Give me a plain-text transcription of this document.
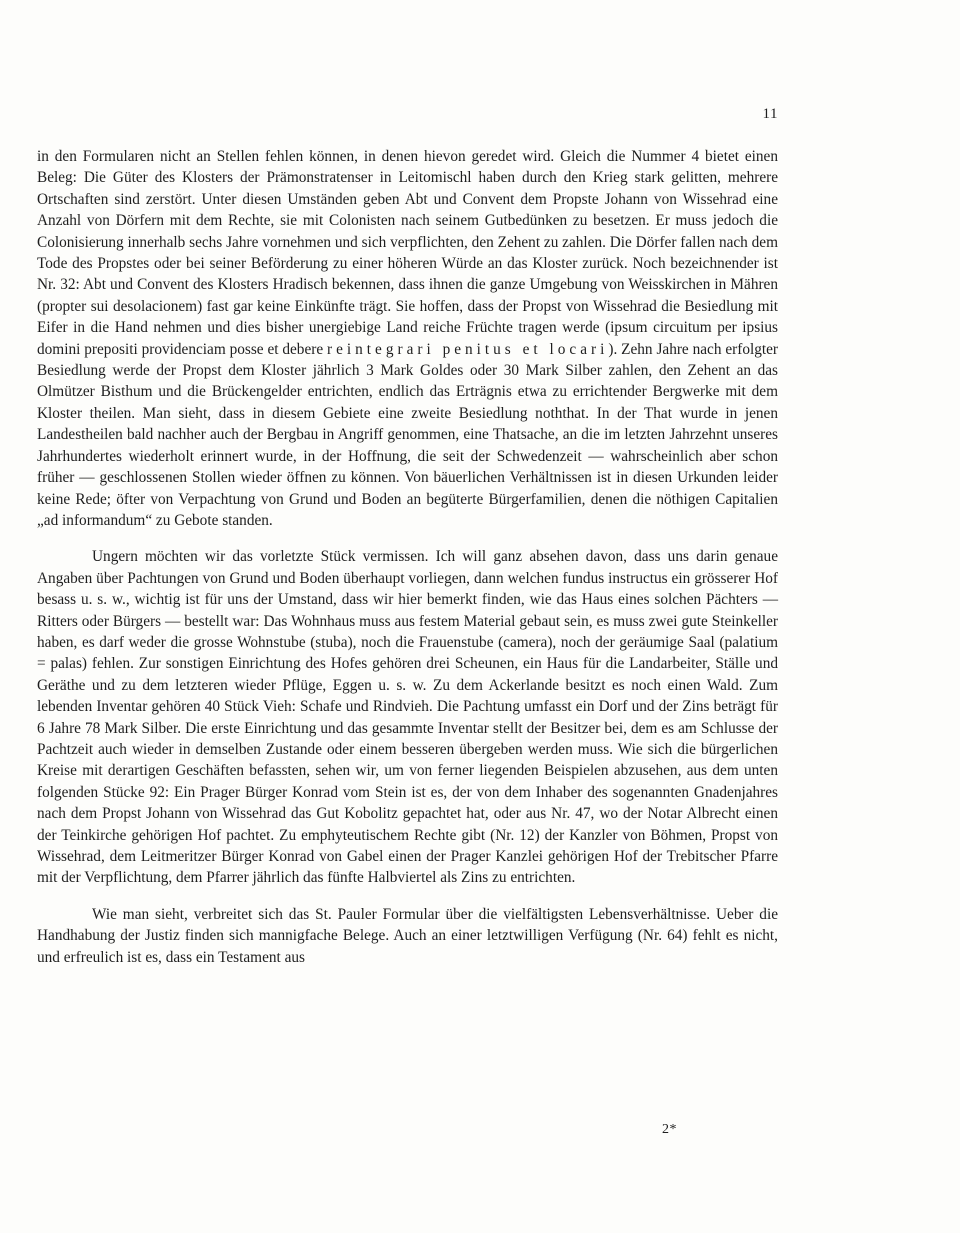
11

in den Formularen nicht an Stellen fehlen können, in denen hievon geredet wird. Gleich die Nummer 4 bietet einen Beleg: Die Güter des Klosters der Prämonstratenser in Leitomischl haben durch den Krieg stark gelitten, mehrere Ortschaften sind zerstört. Unter diesen Umständen geben Abt und Convent dem Propste Johann von Wissehrad eine Anzahl von Dörfern mit dem Rechte, sie mit Colonisten nach seinem Gutbedünken zu besetzen. Er muss jedoch die Colonisierung innerhalb sechs Jahre vornehmen und sich verpflichten, den Zehent zu zahlen. Die Dörfer fallen nach dem Tode des Propstes oder bei seiner Beförderung zu einer höheren Würde an das Kloster zurück. Noch bezeichnender ist Nr. 32: Abt und Convent des Klosters Hradisch bekennen, dass ihnen die ganze Umgebung von Weisskirchen in Mähren (propter sui desolacionem) fast gar keine Einkünfte trägt. Sie hoffen, dass der Propst von Wissehrad die Besiedlung mit Eifer in die Hand nehmen und dies bisher unergiebige Land reiche Früchte tragen werde (ipsum circuitum per ipsius domini prepositi providenciam posse et debere reintegrari penitus et locari). Zehn Jahre nach erfolgter Besiedlung werde der Propst dem Kloster jährlich 3 Mark Goldes oder 30 Mark Silber zahlen, den Zehent an das Olmützer Bisthum und die Brückengelder entrichten, endlich das Erträgnis etwa zu errichtender Bergwerke mit dem Kloster theilen. Man sieht, dass in diesem Gebiete eine zweite Besiedlung noththat. In der That wurde in jenen Landestheilen bald nachher auch der Bergbau in Angriff genommen, eine Thatsache, an die im letzten Jahrzehnt unseres Jahrhundertes wiederholt erinnert wurde, in der Hoffnung, die seit der Schwedenzeit — wahrscheinlich aber schon früher — geschlossenen Stollen wieder öffnen zu können. Von bäuerlichen Verhältnissen ist in diesen Urkunden leider keine Rede; öfter von Verpachtung von Grund und Boden an begüterte Bürgerfamilien, denen die nöthigen Capitalien „ad informandum“ zu Gebote standen.

Ungern möchten wir das vorletzte Stück vermissen. Ich will ganz absehen davon, dass uns darin genaue Angaben über Pachtungen von Grund und Boden überhaupt vorliegen, dann welchen fundus instructus ein grösserer Hof besass u. s. w., wichtig ist für uns der Umstand, dass wir hier bemerkt finden, wie das Haus eines solchen Pächters — Ritters oder Bürgers — bestellt war: Das Wohnhaus muss aus festem Material gebaut sein, es muss zwei gute Steinkeller haben, es darf weder die grosse Wohnstube (stuba), noch die Frauenstube (camera), noch der geräumige Saal (palatium = palas) fehlen. Zur sonstigen Einrichtung des Hofes gehören drei Scheunen, ein Haus für die Landarbeiter, Ställe und Geräthe und zu dem letzteren wieder Pflüge, Eggen u. s. w. Zu dem Ackerlande besitzt es noch einen Wald. Zum lebenden Inventar gehören 40 Stück Vieh: Schafe und Rindvieh. Die Pachtung umfasst ein Dorf und der Zins beträgt für 6 Jahre 78 Mark Silber. Die erste Einrichtung und das gesammte Inventar stellt der Besitzer bei, dem es am Schlusse der Pachtzeit auch wieder in demselben Zustande oder einem besseren übergeben werden muss. Wie sich die bürgerlichen Kreise mit derartigen Geschäften befassten, sehen wir, um von ferner liegenden Beispielen abzusehen, aus dem unten folgenden Stücke 92: Ein Prager Bürger Konrad vom Stein ist es, der von dem Inhaber des sogenannten Gnadenjahres nach dem Propst Johann von Wissehrad das Gut Kobolitz gepachtet hat, oder aus Nr. 47, wo der Notar Albrecht einen der Teinkirche gehörigen Hof pachtet. Zu emphyteutischem Rechte gibt (Nr. 12) der Kanzler von Böhmen, Propst von Wissehrad, dem Leitmeritzer Bürger Konrad von Gabel einen der Prager Kanzlei gehörigen Hof der Trebitscher Pfarre mit der Verpflichtung, dem Pfarrer jährlich das fünfte Halbviertel als Zins zu entrichten.

Wie man sieht, verbreitet sich das St. Pauler Formular über die vielfältigsten Lebensverhältnisse. Ueber die Handhabung der Justiz finden sich mannigfache Belege. Auch an einer letztwilligen Verfügung (Nr. 64) fehlt es nicht, und erfreulich ist es, dass ein Testament aus

2*
